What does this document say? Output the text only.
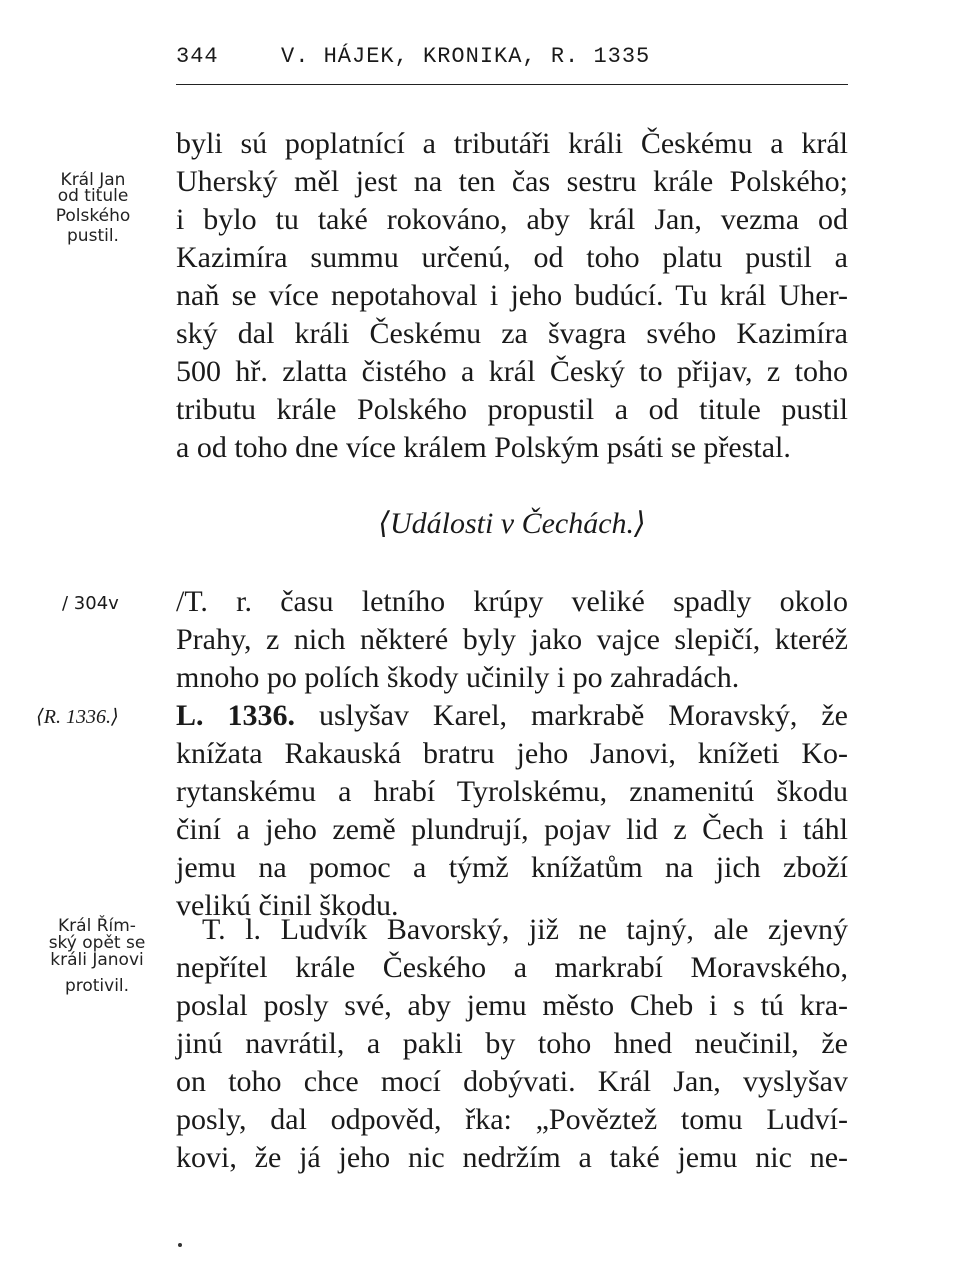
344	V. HÁJEK, KRONIKA, R. 1335
Král Jan
od titule
Polského
pustil.
byli sú poplatnící a tributáři králi Českému a král
Uherský měl jest na ten čas sestru krále Polského;
i bylo tu také rokováno, aby král Jan, vezma od
Kazimíra summu určenú, od toho platu pustil a
naň se více nepotahoval i jeho budúcí. Tu král Uher-
ský dal králi Českému za švagra svého Kazimíra
500 hř. zlatta čistého a král Český to přijav, z toho
tributu krále Polského propustil a od titule pustil
a od toho dne více králem Polským psáti se přestal.
⟨Události v Čechách.⟩
/ 304v /T. r. času letního krúpy veliké spadly okolo
Prahy, z nich některé byly jako vajce slepičí, kteréž
mnoho po polích škody učinily i po zahradách.
⟨R. 1336.⟩ L. 1336. uslyšav Karel, markrabě Moravský, že
knížata Rakauská bratru jeho Janovi, knížeti Ko-
rytanskému a hrabí Tyrolskému, znamenitú škodu
činí a jeho země plundrují, pojav lid z Čech i táhl
jemu na pomoc a týmž knížatům na jich zboží
velikú činil škodu.
Král Řím-
ský opět se
králi Janovi
protivil.
T. l. Ludvík Bavorský, již ne tajný, ale zjevný
nepřítel krále Českého a markrabí Moravského,
poslal posly své, aby jemu město Cheb i s tú kra-
jinú navrátil, a pakli by toho hned neučinil, že
on toho chce mocí dobývati. Král Jan, vyslyšav
posly, dal odpověd, řka: „Pověztež tomu Ludví-
kovi, že já jeho nic nedržím a také jemu nic ne-
